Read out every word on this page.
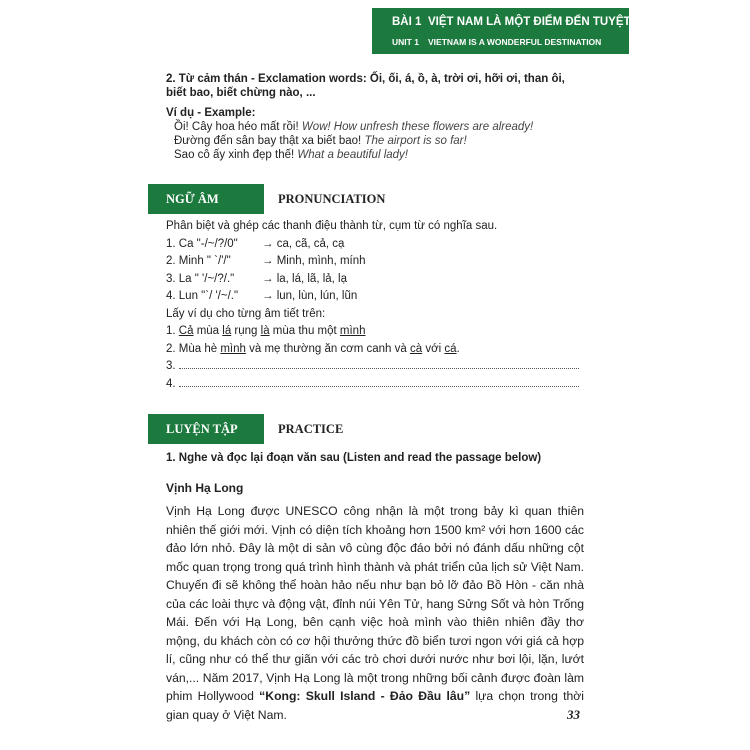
BÀI 1 VIỆT NAM LÀ MỘT ĐIỂM ĐẾN TUYỆT VỜI
UNIT 1 VIETNAM IS A WONDERFUL DESTINATION
2. Từ cảm thán - Exclamation words: Ối, ối, á, ồ, à, trời ơi, hỡi ơi, than ôi, biết bao, biết chừng nào, ...
Ví dụ - Example:
Ồi! Cây hoa héo mất rồi! Wow! How unfresh these flowers are already!
Đường đến sân bay thật xa biết bao! The airport is so far!
Sao cô ấy xinh đẹp thế! What a beautiful lady!
NGỮ ÂM	PRONUNCIATION
Phân biệt và ghép các thanh điệu thành từ, cụm từ có nghĩa sau.
1. Ca "-/~/?/0" → ca, cã, cả, cạ
2. Minh " `/'/"	→ Minh, mình, mính
3. La " '/~/?/." → la, lá, lã, lả, lạ
4. Lun "`/ '/~/." → lun, lùn, lún, lũn
Lấy ví dụ cho từng âm tiết trên:
1. Cả mùa lá rụng là mùa thu một mình
2. Mùa hè mình và mẹ thường ăn cơm canh và cà với cá.
3.
4.
LUYỆN TẬP	PRACTICE
1. Nghe và đọc lại đoạn văn sau (Listen and read the passage below)
Vịnh Hạ Long
Vịnh Hạ Long được UNESCO công nhận là một trong bảy kì quan thiên nhiên thế giới mới. Vịnh có diện tích khoảng hơn 1500 km² với hơn 1600 các đảo lớn nhỏ. Đây là một di sản vô cùng độc đáo bởi nó đánh dấu những cột mốc quan trọng trong quá trình hình thành và phát triển của lịch sử Việt Nam. Chuyến đi sẽ không thể hoàn hảo nếu như bạn bỏ lỡ đảo Bồ Hòn - căn nhà của các loài thực và động vật, đỉnh núi Yên Tử, hang Sửng Sốt và hòn Trống Mái. Đến với Hạ Long, bên cạnh việc hoà mình vào thiên nhiên đầy thơ mộng, du khách còn có cơ hội thưởng thức đồ biển tươi ngon với giá cả hợp lí, cũng như có thể thư giãn với các trò chơi dưới nước như bơi lội, lặn, lướt ván,... Năm 2017, Vịnh Hạ Long là một trong những bối cảnh được đoàn làm phim Hollywood “Kong: Skull Island - Đảo Đầu lâu” lựa chọn trong thời gian quay ở Việt Nam.	33
